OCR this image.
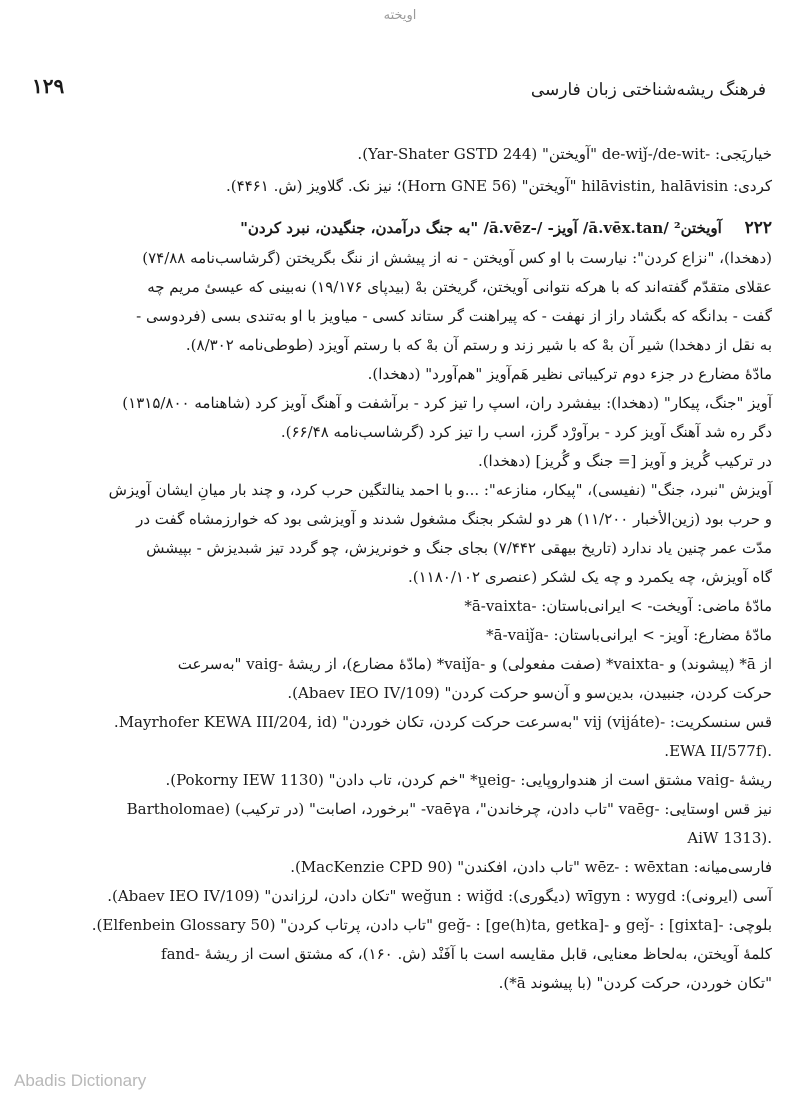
اویخته
۱۲۹	فرهنگ ریشه‌شناختی زبان فارسی
خیاریَجی: -de-wiǰ-/de-wit "آویختن" (Yar-Shater GSTD 244).
کردی: hilāvistin, halāvisin "آویختن" (Horn GNE 56)؛ نیز نک. گلاویز (ش. ۴۴۶۱).
۲۲۲ آویختن² /ā.vēx.tan/ آویز- /-ā.vēz/ "به جنگ درآمدن، جنگیدن، نبرد کردن"
(دهخدا)، "نزاع کردن": نیارست با او کس آویختن - نه از پیشش از ننگ بگریختن (گرشاسب‌نامه ۷۴/۸۸)
عقلای متقدّم گفته‌اند که با هرکه نتوانی آویختن، گریختن بهْ (بیدپای ۱۹/۱۷۶) نه‌بینی که عیسیٔ مریم چه
گفت - بدانگه که بگشاد راز از نهفت - که پیراهنت گر ستاند کسی - میاویز با او به‌تندی بسی (فردوسی -
به نقل از دهخدا) شیر آن بهْ که با شیر زند و رستم آن بهْ که با رستم آویزد (طوطی‌نامه ۸/۳۰۲).
مادّهٔ مضارع در جزء دوم ترکیباتی نظیر هَم‌آویز "هم‌آورد" (دهخدا).
آویز "جنگ، پیکار" (دهخدا): بیفشرد ران، اسپ را تیز کرد - برآشفت و آهنگ آویز کرد (شاهنامه ۱۳۱۵/۸۰۰)
دگر ره شد آهنگ آویز کرد - برآورْد گرز، اسب را تیز کرد (گرشاسب‌نامه ۶۶/۴۸).
در ترکیب گُریز و آویز [= جنگ و گُریز] (دهخدا).
آویزش "نبرد، جنگ" (نفیسی)، "پیکار، منازعه": ...و با احمد ینالتگین حرب کرد، و چند بار میانِ ایشان آویزش
و حرب بود (زین‌الأخبار ۱۱/۲۰۰) هر دو لشکر بجنگ مشغول شدند و آویزشی بود که خوارزمشاه گفت در
مدّت عمر چنین یاد ندارد (تاریخ بیهقی ۷/۴۴۲) بجای جنگ و خونریزش، چو گردد تیز شبدیزش - بپیشش
گاه آویزش، چه یکمرد و چه یک لشکر (عنصری ۱۱۸۰/۱۰۲).
مادّهٔ ماضی: آویخت- > ایرانی‌باستان: -ā-vaixta*
مادّهٔ مضارع: آویز- > ایرانی‌باستان: -ā-vaiǰa*
از ā* (پیشوند) و -vaixta* (صفت مفعولی) و -vaiǰa* (مادّهٔ مضارع)، از ریشهٔ -vaig "به‌سرعت
حرکت کردن، جنبیدن، بدین‌سو و آن‌سو حرکت کردن" (Abaev IEO IV/109).
قس سنسکریت: -vij (vijáte) "به‌سرعت حرکت کردن، تکان خوردن" (Mayrhofer KEWA III/204, id.
.(EWA II/577f.
ریشهٔ -vaig مشتق است از هندواروپایی: -u̯eig* "خم کردن، تاب دادن" (Pokorny IEW 1130).
نیز قس اوستایی: -vaēg "تاب دادن، چرخاندن"، vaēγa- "برخورد، اصابت" (در ترکیب) (Bartholomae
.(AiW 1313
فارسی‌میانه: wēz- : wēxtan "تاب دادن، افکندن" (MacKenzie CPD 90).
آسی (ایرونی): wīgyn : wygd (دیگوری): weğun : wiğd "تکان دادن، لرزاندن" (Abaev IEO IV/109).
بلوچی: -geǰ- : [gixta] و -geğ- : [ge(h)ta, getka] "تاب دادن، پرتاب کردن" (Elfenbein Glossary 50).
کلمهٔ آویختن، به‌لحاظ معنایی، قابل مقایسه است با آفَنْد (ش. ۱۶۰)، که مشتق است از ریشهٔ -fand
"تکان خوردن، حرکت کردن" (با پیشوند ā*).
Abadis Dictionary
